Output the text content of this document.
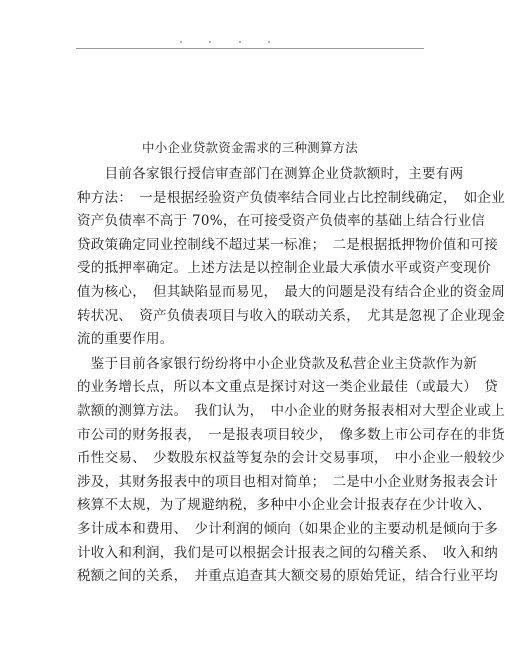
中小企业贷款资金需求的三种测算方法
　　目前各家银行授信审查部门在测算企业贷款额时，主要有两
种方法：　一是根据经验资产负债率结合同业占比控制线确定，　如企业
资产负债率不高于 70%，在可接受资产负债率的基础上结合行业信
贷政策确定同业控制线不超过某一标准；　二是根据抵押物价值和可接
受的抵押率确定。上述方法是以控制企业最大承债水平或资产变现价
值为核心，　但其缺陷显而易见，　最大的问题是没有结合企业的资金周
转状况、　资产负债表项目与收入的联动关系，　尤其是忽视了企业现金
流的重要作用。
　鉴于目前各家银行纷纷将中小企业贷款及私营企业主贷款作为新
的业务增长点，所以本文重点是探讨对这一类企业最佳（或最大）　贷
款额的测算方法。　我们认为，　中小企业的财务报表相对大型企业或上
市公司的财务报表，　一是报表项目较少，　像多数上市公司存在的非货
币性交易、　少数股东权益等复杂的会计交易事项，　中小企业一般较少
涉及，其财务报表中的项目也相对简单；　二是中小企业财务报表会计
核算不太规，为了规避纳税，多种中小企业会计报表存在少计收入、
多计成本和费用、　少计利润的倾向（如果企业的主要动机是倾向于多
计收入和利润，我们是可以根据会计报表之间的勾稽关系、　收入和纳
税额之间的关系，　并重点追查其大额交易的原始凭证，结合行业平均
